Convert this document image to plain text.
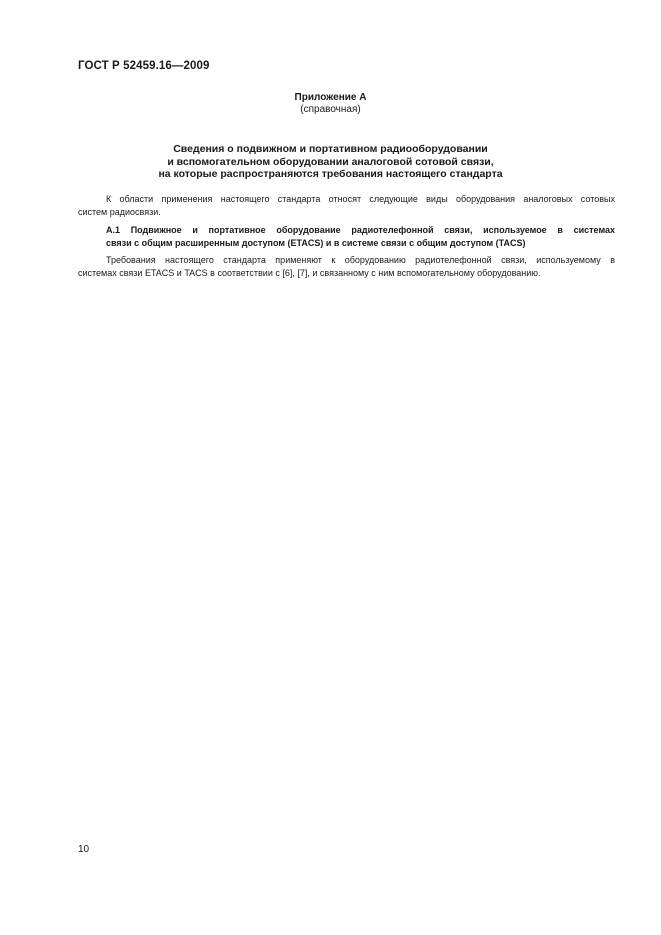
ГОСТ Р 52459.16—2009
Приложение А
(справочная)
Сведения о подвижном и портативном радиооборудовании
и вспомогательном оборудовании аналоговой сотовой связи,
на которые распространяются требования настоящего стандарта
К области применения настоящего стандарта относят следующие виды оборудования аналоговых сотовых
систем радиосвязи.
А.1 Подвижное и портативное оборудование радиотелефонной связи, используемое в системах
связи с общим расширенным доступом (ETACS) и в системе связи с общим доступом (TACS)
Требования настоящего стандарта применяют к оборудованию радиотелефонной связи, используемому в
системах связи ETACS и TACS в соответствии с [6], [7], и связанному с ним вспомогательному оборудованию.
10
